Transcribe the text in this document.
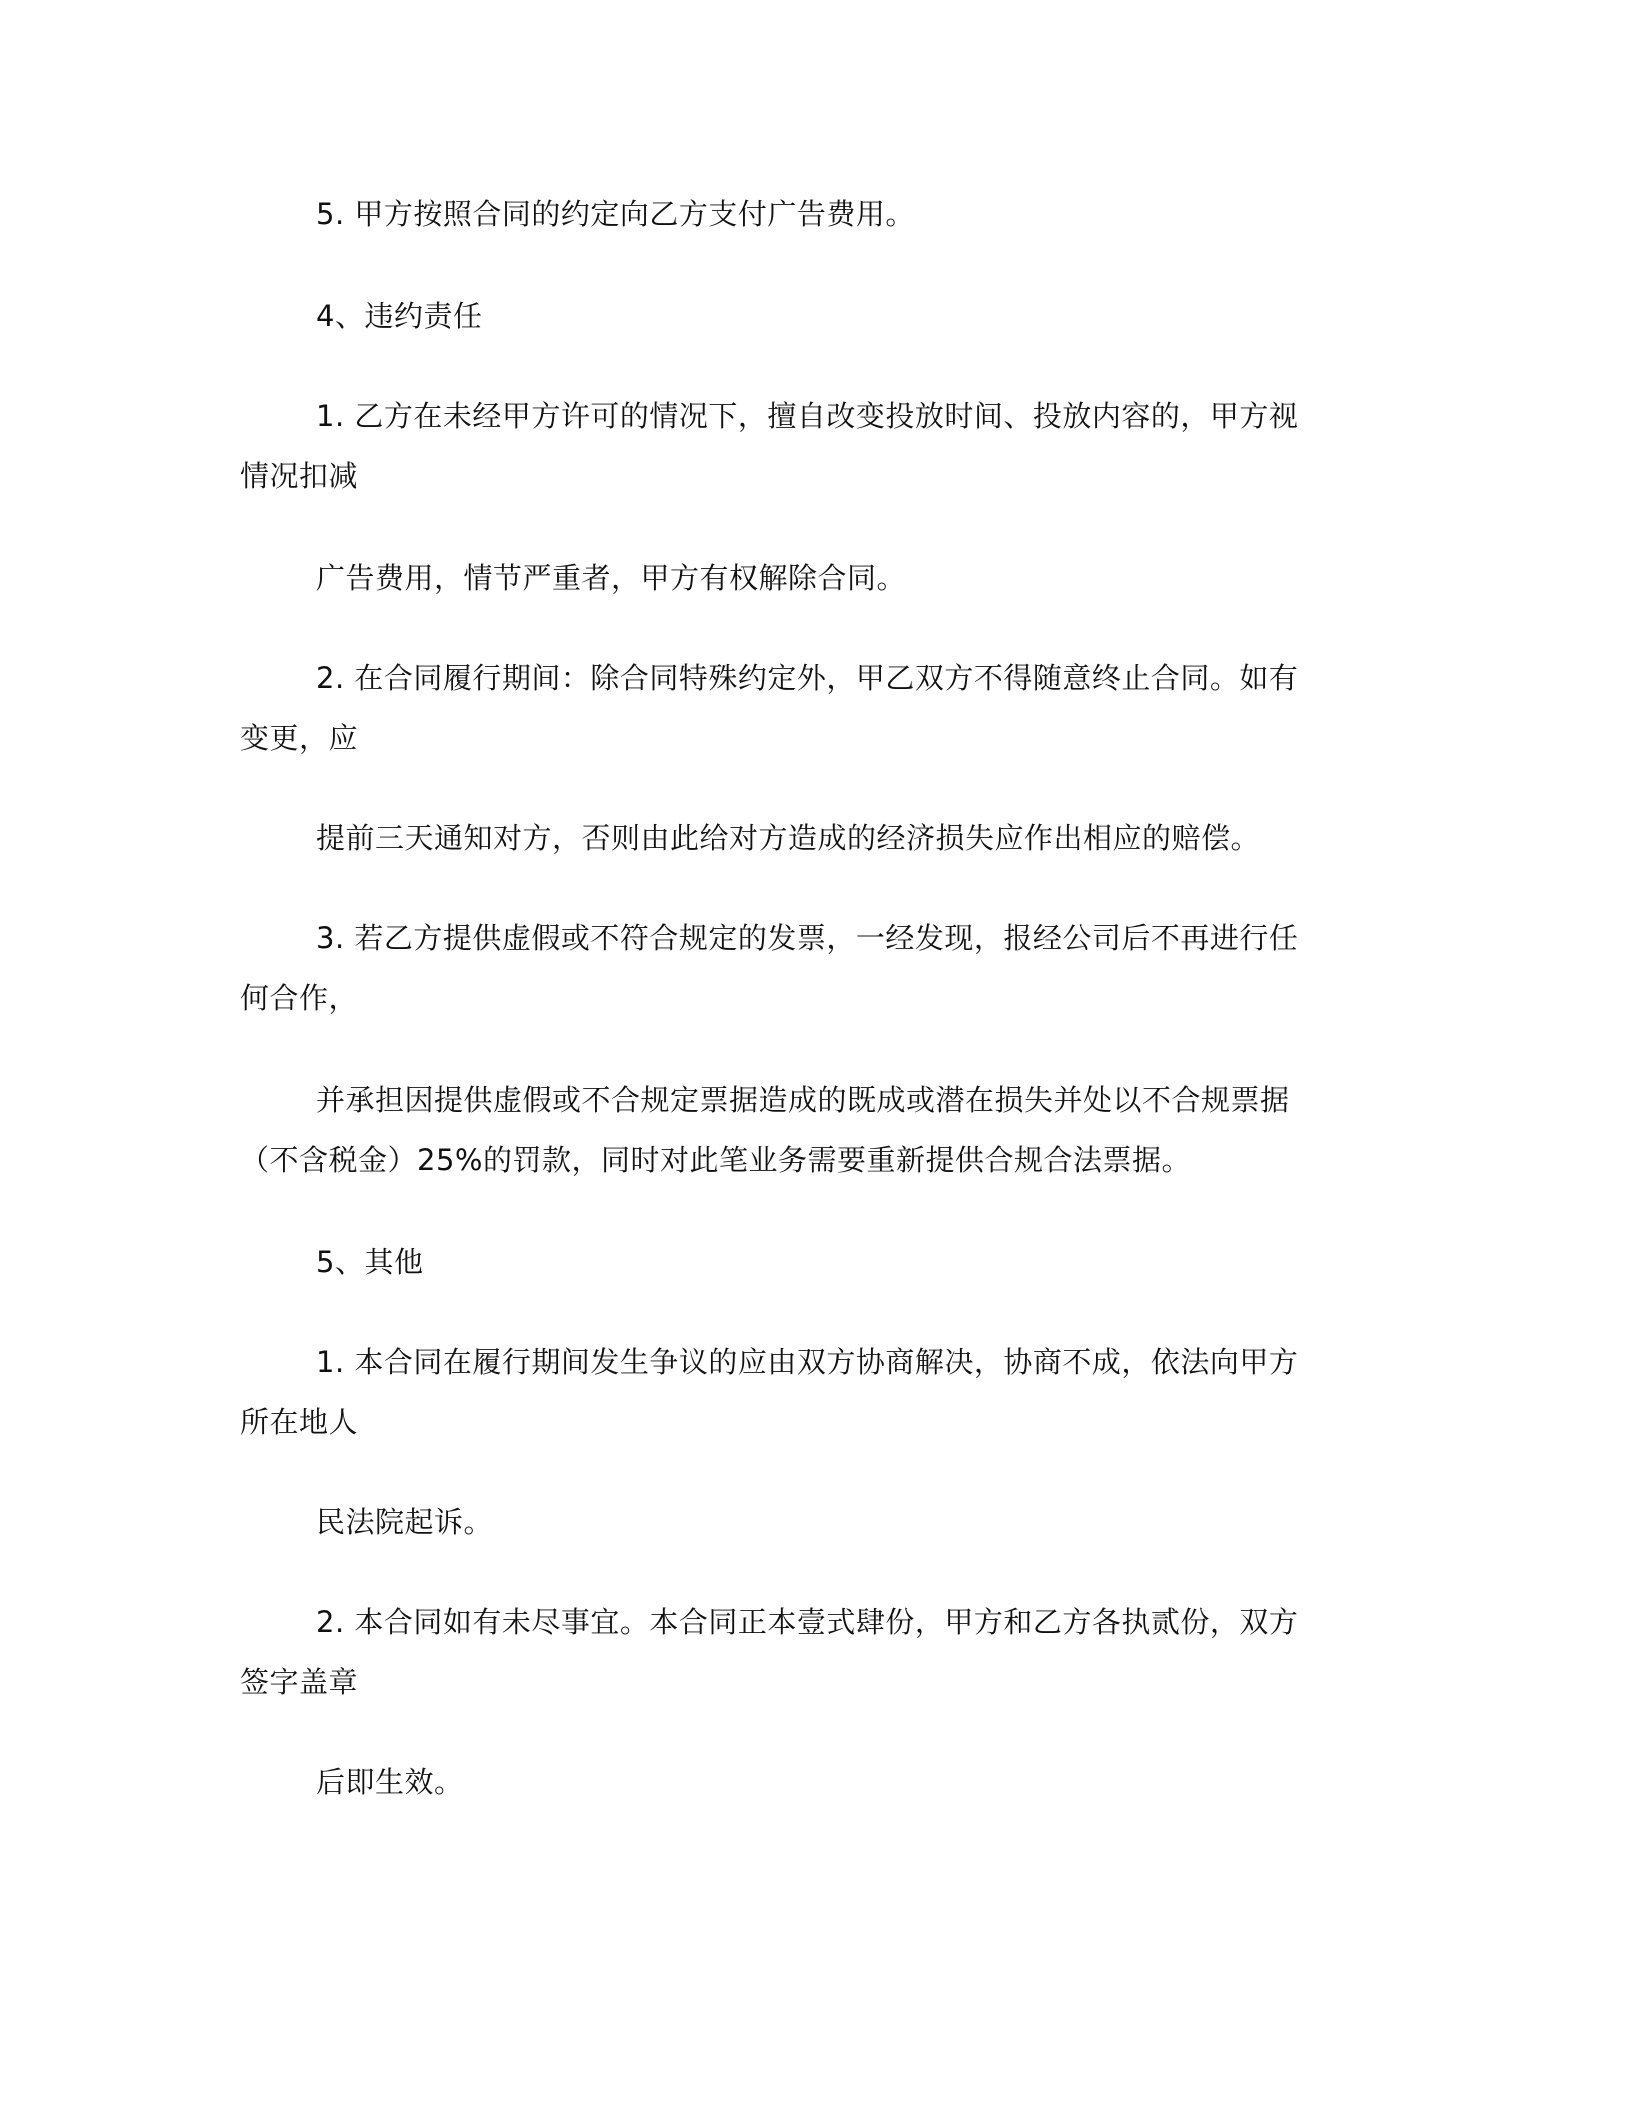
5. 甲方按照合同的约定向乙方支付广告费用。
4、违约责任
1. 乙方在未经甲方许可的情况下，擅自改变投放时间、投放内容的，甲方视
情况扣减
广告费用，情节严重者，甲方有权解除合同。
2. 在合同履行期间：除合同特殊约定外，甲乙双方不得随意终止合同。如有
变更，应
提前三天通知对方，否则由此给对方造成的经济损失应作出相应的赔偿。
3. 若乙方提供虚假或不符合规定的发票，一经发现，报经公司后不再进行任
何合作，
并承担因提供虚假或不合规定票据造成的既成或潜在损失并处以不合规票据
（不含税金）25%的罚款，同时对此笔业务需要重新提供合规合法票据。
5、其他
1. 本合同在履行期间发生争议的应由双方协商解决，协商不成，依法向甲方
所在地人
民法院起诉。
2. 本合同如有未尽事宜。本合同正本壹式肆份，甲方和乙方各执贰份，双方
签字盖章
后即生效。
